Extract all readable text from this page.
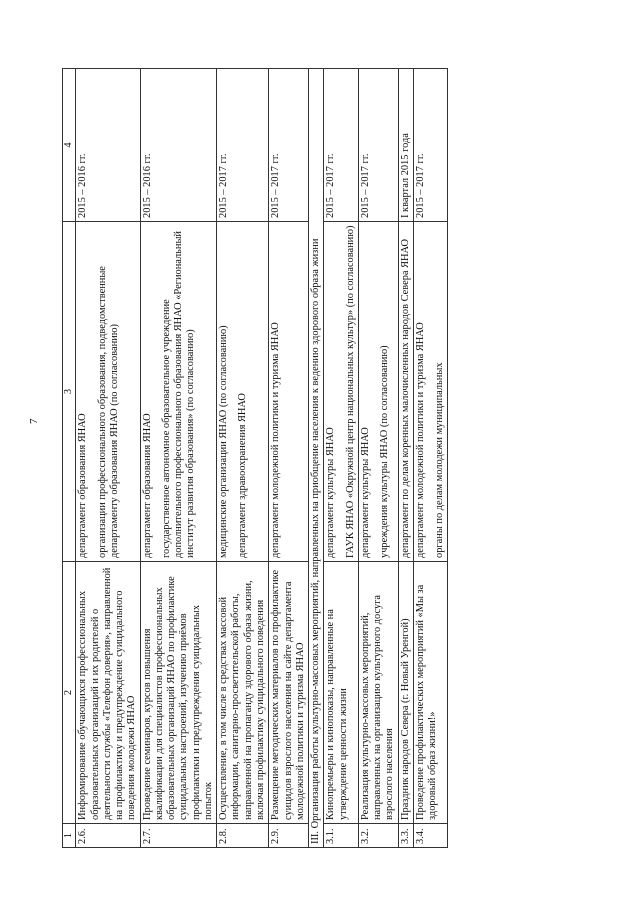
7
1	2	3	4
2.6.	Информирование обучающихся профессиональных образовательных организаций и их родителей о деятельности службы «Телефон доверия», направленной на профилактику и предупреждение суицидального поведения молодежи ЯНАО	департамент образования ЯНАО организации профессионального образования, подведомственные департаменту образования ЯНАО (по согласованию)	2015 – 2016 гг.
2.7.	Проведение семинаров, курсов повышения квалификации для специалистов профессиональных образовательных организаций ЯНАО по профилактике суицидальных настроений, изучению приёмов профилактики и предупреждения суицидальных попыток	департамент образования ЯНАО государственное автономное образовательное учреждение дополнительного профессионального образования ЯНАО «Региональный институт развития образования» (по согласованию)	2015 – 2016 гг.
2.8.	Осуществление, в том числе в средствах массовой информации, санитарно-просветительской работы, направленной на пропаганду здорового образа жизни, включая профилактику суицидального поведения	медицинские организации ЯНАО (по согласованию) департамент здравоохранения ЯНАО	2015 – 2017 гг.
2.9.	Размещение методических материалов по профилактике суицидов взрослого населения на сайте департамента молодежной политики и туризма ЯНАО	департамент молодежной политики и туризма ЯНАО	2015 – 2017 гг.
III. Организация работы культурно-массовых мероприятий, направленных на приобщение населения к ведению здорового образа жизни			
3.1.	Кинопремьеры и кинопоказы, направленные на утверждение ценности жизни	департамент культуры ЯНАО ГАУК ЯНАО «Окружной центр национальных культур» (по согласованию)	2015 – 2017 гг.
3.2.	Реализация культурно-массовых мероприятий, направленных на организацию культурного досуга взрослого населения	департамент культуры ЯНАО учреждения культуры ЯНАО (по согласованию)	2015 – 2017 гг.
3.3.	Праздник народов Севера (г. Новый Уренгой)	департамент по делам коренных малочисленных народов Севера ЯНАО	I квартал 2015 года
3.4.	Проведение профилактических мероприятий «Мы за здоровый образ жизни!»	департамент молодежной политики и туризма ЯНАО органы по делам молодежи муниципальных	2015 – 2017 гг.
